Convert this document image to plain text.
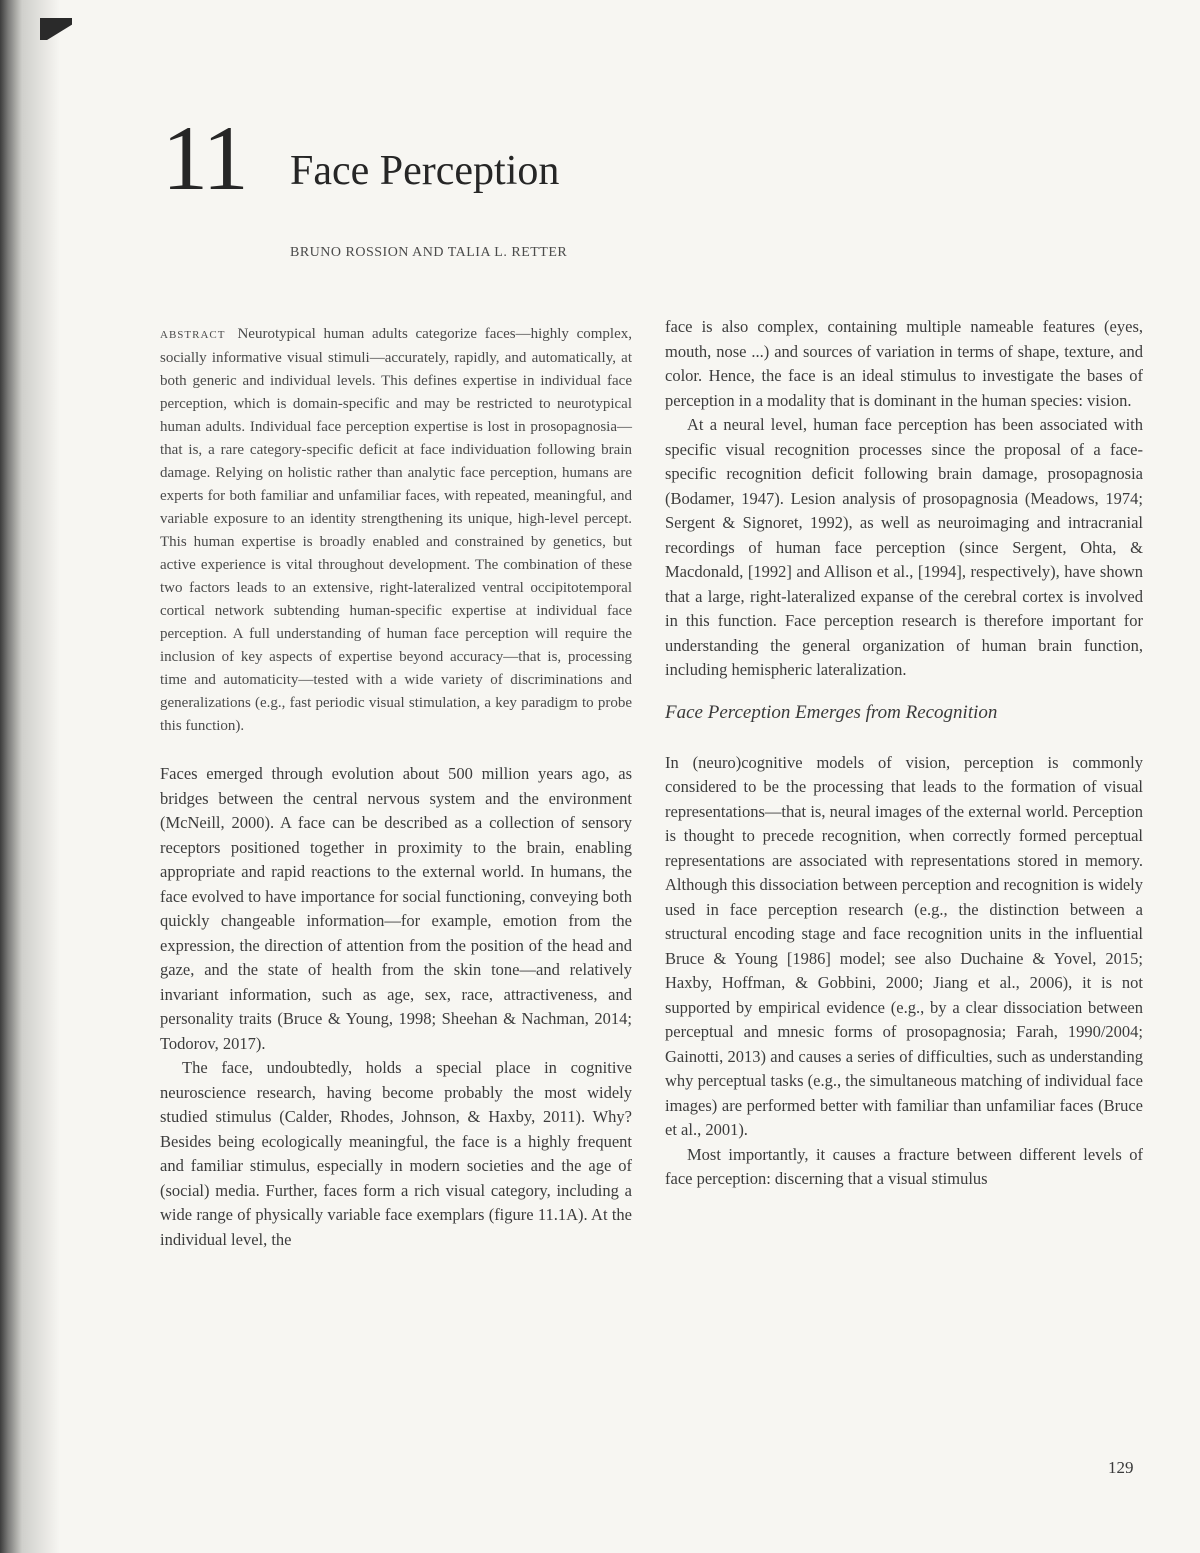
11 Face Perception
BRUNO ROSSION AND TALIA L. RETTER

ABSTRACT Neurotypical human adults categorize faces—highly complex, socially informative visual stimuli—accurately, rapidly, and automatically, at both generic and individual levels. This defines expertise in individual face perception, which is domain-specific and may be restricted to neurotypical human adults. Individual face perception expertise is lost in prosopagnosia—that is, a rare category-specific deficit at face individuation following brain damage. Relying on holistic rather than analytic face perception, humans are experts for both familiar and unfamiliar faces, with repeated, meaningful, and variable exposure to an identity strengthening its unique, high-level percept. This human expertise is broadly enabled and constrained by genetics, but active experience is vital throughout development. The combination of these two factors leads to an extensive, right-lateralized ventral occipitotemporal cortical network subtending human-specific expertise at individual face perception. A full understanding of human face perception will require the inclusion of key aspects of expertise beyond accuracy—that is, processing time and automaticity—tested with a wide variety of discriminations and generalizations (e.g., fast periodic visual stimulation, a key paradigm to probe this function).

Faces emerged through evolution about 500 million years ago, as bridges between the central nervous system and the environment (McNeill, 2000). A face can be described as a collection of sensory receptors positioned together in proximity to the brain, enabling appropriate and rapid reactions to the external world. In humans, the face evolved to have importance for social functioning, conveying both quickly changeable information—for example, emotion from the expression, the direction of attention from the position of the head and gaze, and the state of health from the skin tone—and relatively invariant information, such as age, sex, race, attractiveness, and personality traits (Bruce & Young, 1998; Sheehan & Nachman, 2014; Todorov, 2017).

The face, undoubtedly, holds a special place in cognitive neuroscience research, having become probably the most widely studied stimulus (Calder, Rhodes, Johnson, & Haxby, 2011). Why? Besides being ecologically meaningful, the face is a highly frequent and familiar stimulus, especially in modern societies and the age of (social) media. Further, faces form a rich visual category, including a wide range of physically variable face exemplars (figure 11.1A). At the individual level, the

face is also complex, containing multiple nameable features (eyes, mouth, nose ...) and sources of variation in terms of shape, texture, and color. Hence, the face is an ideal stimulus to investigate the bases of perception in a modality that is dominant in the human species: vision.

At a neural level, human face perception has been associated with specific visual recognition processes since the proposal of a face-specific recognition deficit following brain damage, prosopagnosia (Bodamer, 1947). Lesion analysis of prosopagnosia (Meadows, 1974; Sergent & Signoret, 1992), as well as neuroimaging and intracranial recordings of human face perception (since Sergent, Ohta, & Macdonald, [1992] and Allison et al., [1994], respectively), have shown that a large, right-lateralized expanse of the cerebral cortex is involved in this function. Face perception research is therefore important for understanding the general organization of human brain function, including hemispheric lateralization.

Face Perception Emerges from Recognition

In (neuro)cognitive models of vision, perception is commonly considered to be the processing that leads to the formation of visual representations—that is, neural images of the external world. Perception is thought to precede recognition, when correctly formed perceptual representations are associated with representations stored in memory. Although this dissociation between perception and recognition is widely used in face perception research (e.g., the distinction between a structural encoding stage and face recognition units in the influential Bruce & Young [1986] model; see also Duchaine & Yovel, 2015; Haxby, Hoffman, & Gobbini, 2000; Jiang et al., 2006), it is not supported by empirical evidence (e.g., by a clear dissociation between perceptual and mnesic forms of prosopagnosia; Farah, 1990/2004; Gainotti, 2013) and causes a series of difficulties, such as understanding why perceptual tasks (e.g., the simultaneous matching of individual face images) are performed better with familiar than unfamiliar faces (Bruce et al., 2001).

Most importantly, it causes a fracture between different levels of face perception: discerning that a visual stimulus

129
